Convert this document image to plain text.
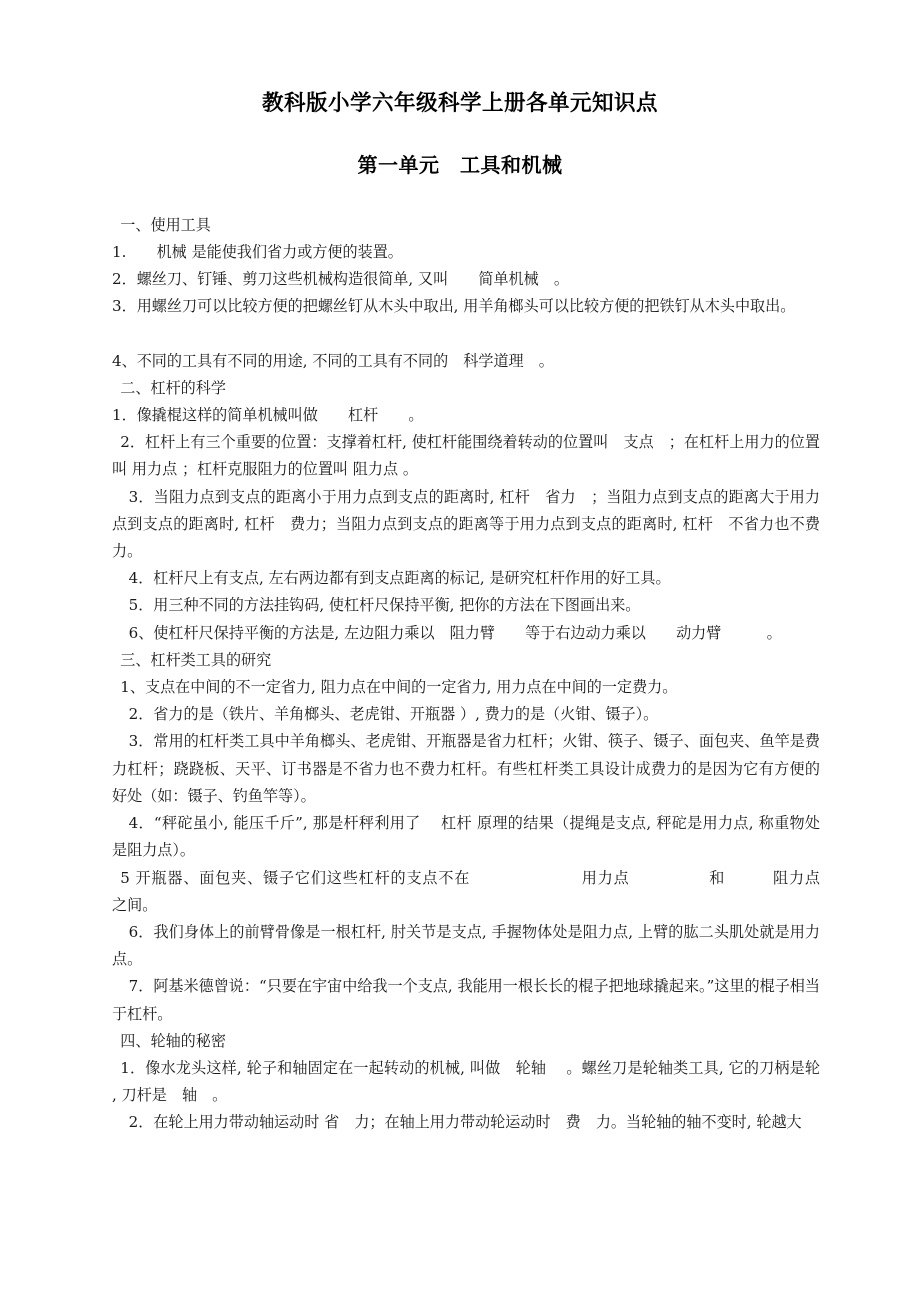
教科版小学六年级科学上册各单元知识点
第一单元　工具和机械

一、使用工具

1.　　机械 是能使我们省力或方便的装置。

2．螺丝刀、钉锤、剪刀这些机械构造很简单, 又叫　　简单机械　。

3．用螺丝刀可以比较方便的把螺丝钉从木头中取出, 用羊角榔头可以比较方便的把铁钉从木头中取出。

4、不同的工具有不同的用途, 不同的工具有不同的　科学道理　。

二、杠杆的科学

1．像撬棍这样的简单机械叫做　　杠杆　　。

2．杠杆上有三个重要的位置：支撑着杠杆, 使杠杆能围绕着转动的位置叫　支点　；在杠杆上用力的位置叫 用力点 ；杠杆克服阻力的位置叫 阻力点 。

3．当阻力点到支点的距离小于用力点到支点的距离时, 杠杆　省力　；当阻力点到支点的距离大于用力点到支点的距离时, 杠杆　费力；当阻力点到支点的距离等于用力点到支点的距离时, 杠杆　不省力也不费力。

4．杠杆尺上有支点, 左右两边都有到支点距离的标记, 是研究杠杆作用的好工具。

5．用三种不同的方法挂钩码, 使杠杆尺保持平衡, 把你的方法在下图画出来。

6、使杠杆尺保持平衡的方法是, 左边阻力乘以　阻力臂　　等于右边动力乘以　　动力臂　　　。

三、杠杆类工具的研究

1、支点在中间的不一定省力, 阻力点在中间的一定省力, 用力点在中间的一定费力。

2．省力的是（铁片、羊角榔头、老虎钳、开瓶器 ）, 费力的是（火钳、镊子）。

3．常用的杠杆类工具中羊角榔头、老虎钳、开瓶器是省力杠杆；火钳、筷子、镊子、面包夹、鱼竿是费力杠杆；跷跷板、天平、订书器是不省力也不费力杠杆。有些杠杆类工具设计成费力的是因为它有方便的好处（如：镊子、钓鱼竿等）。

4．“秤砣虽小, 能压千斤”, 那是杆秤利用了　 杠杆 原理的结果（提绳是支点, 秤砣是用力点, 称重物处是阻力点）。

5 开瓶器、面包夹、镊子它们这些杠杆的支点不在　　　　　　　用力点　　　　　和　　　阻力点　　　　　之间。

6．我们身体上的前臂骨像是一根杠杆, 肘关节是支点, 手握物体处是阻力点, 上臂的肱二头肌处就是用力点。

7．阿基米德曾说：“只要在宇宙中给我一个支点, 我能用一根长长的棍子把地球撬起来。”这里的棍子相当于杠杆。

四、轮轴的秘密

1．像水龙头这样, 轮子和轴固定在一起转动的机械, 叫做　轮轴　 。螺丝刀是轮轴类工具, 它的刀柄是轮 , 刀杆是　轴　。

2．在轮上用力带动轴运动时 省　力；在轴上用力带动轮运动时　费　力。当轮轴的轴不变时, 轮越大
